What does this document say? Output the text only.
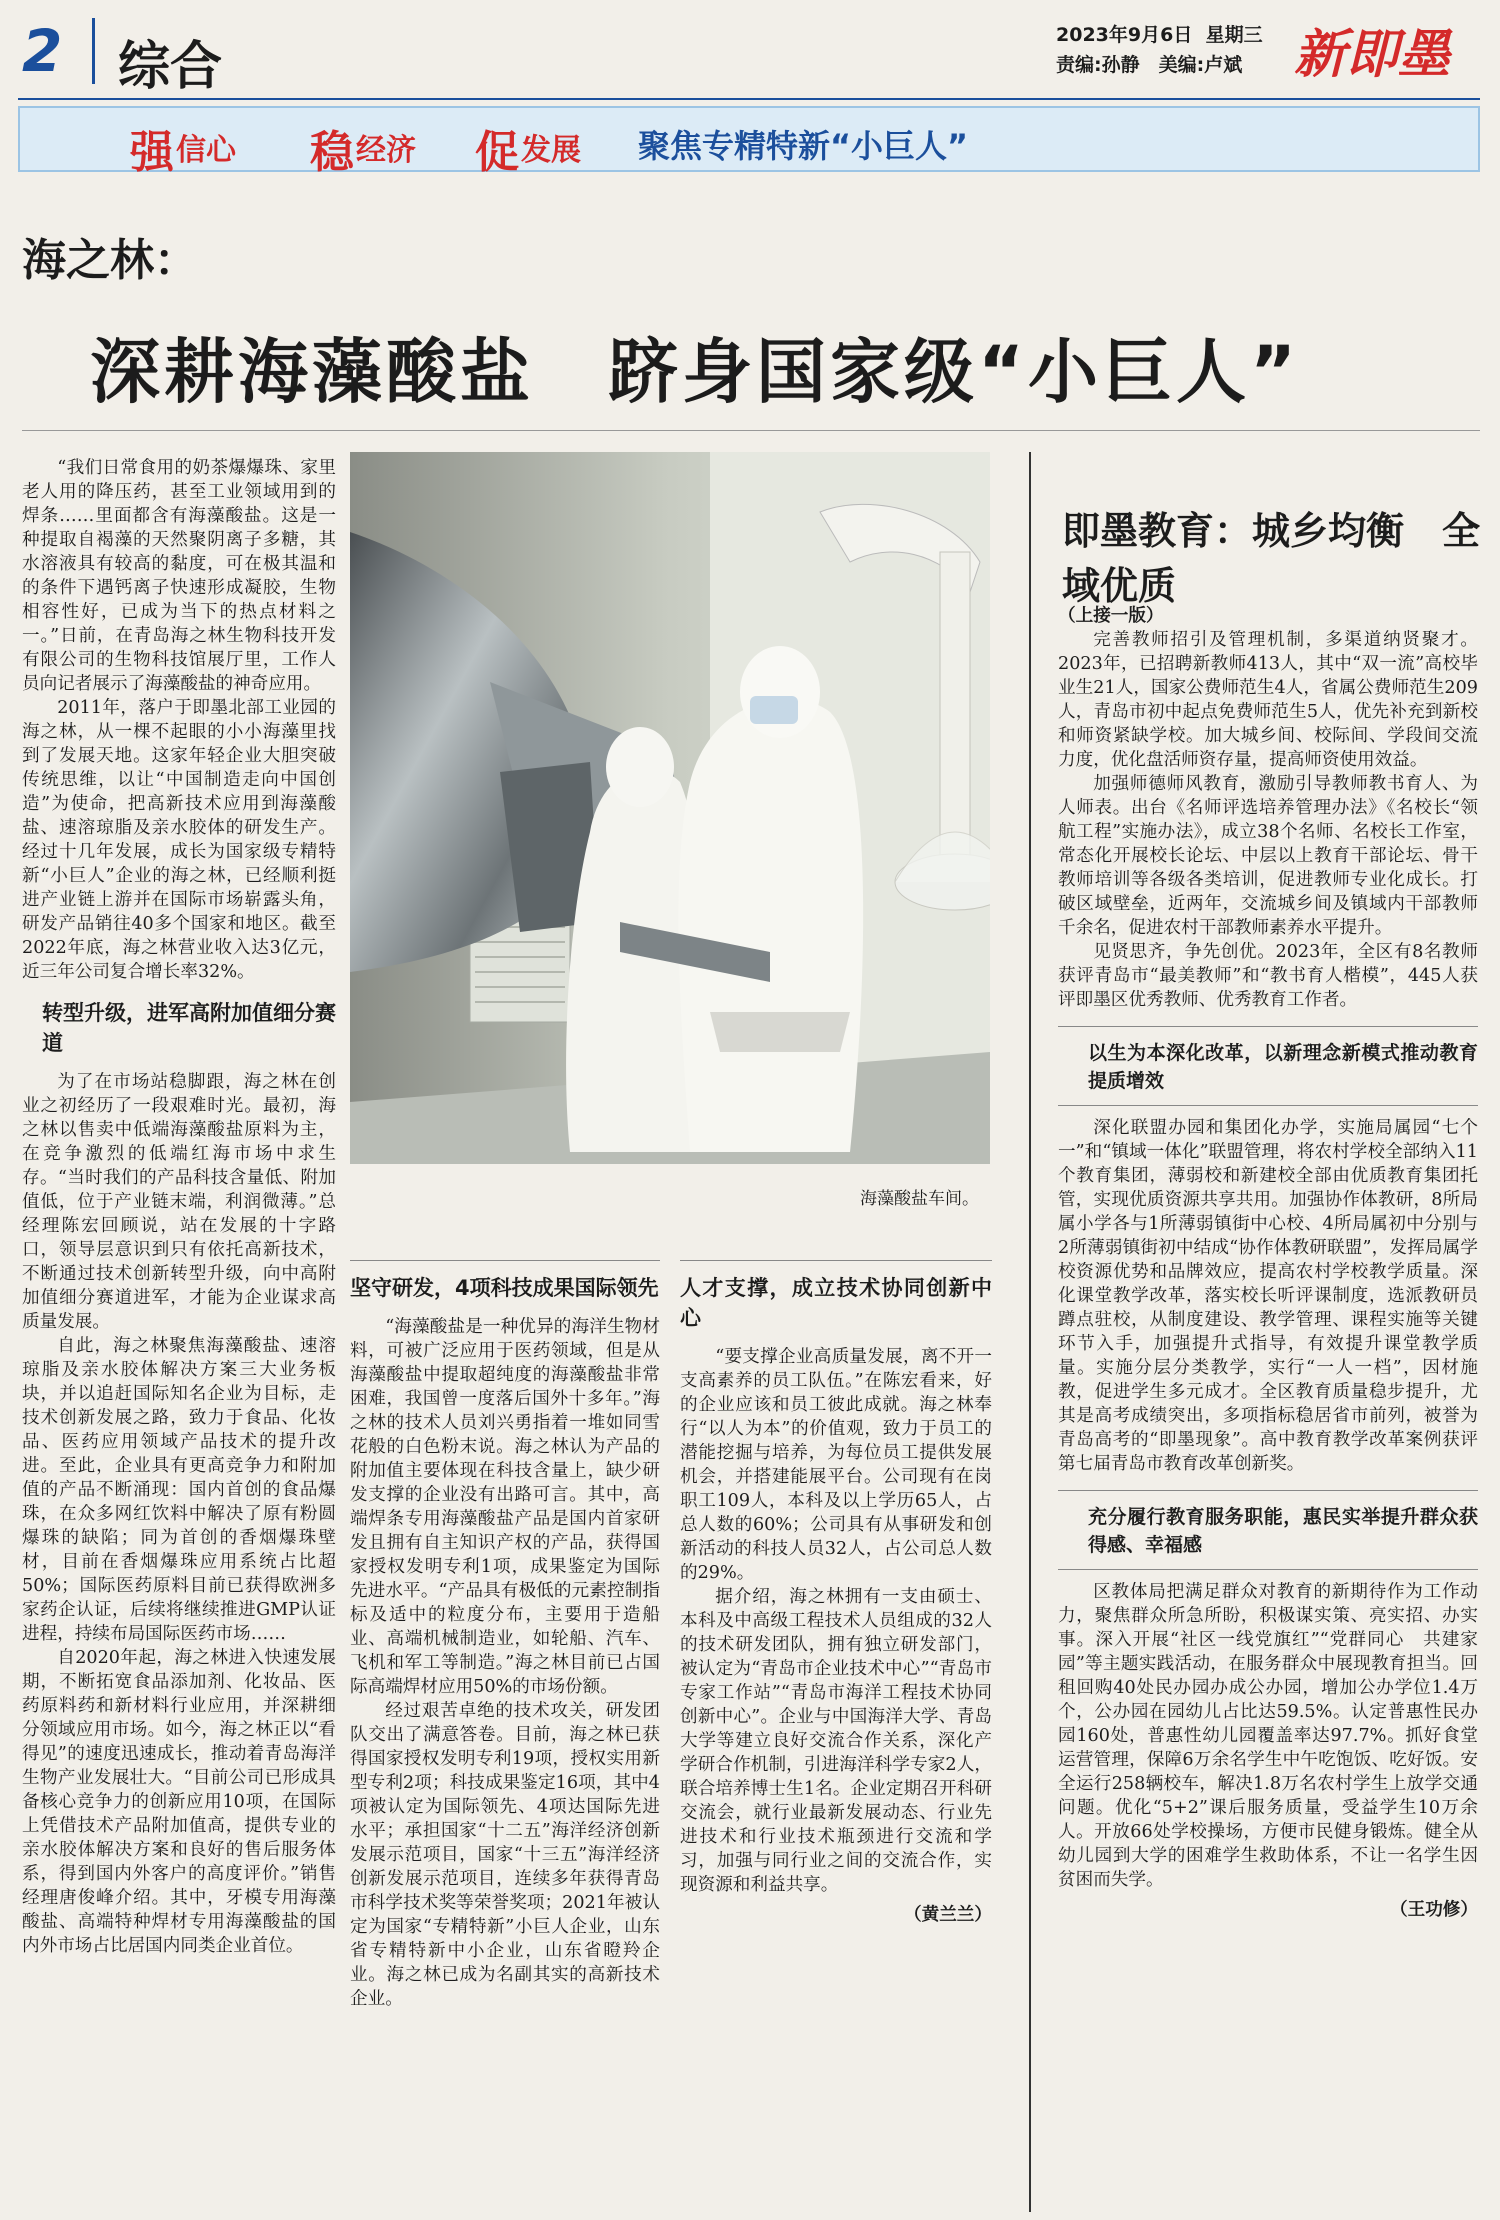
2	综合
2023年9月6日 星期三
责编:孙静　美编:卢斌 新即墨
强 信心 稳 经济 促 发展 聚焦专精特新“小巨人”
海之林：
深耕海藻酸盐　跻身国家级“小巨人”
海藻酸盐车间。

“我们日常食用的奶茶爆爆珠、家里老人用的降压药，甚至工业领域用到的焊条……里面都含有海藻酸盐。这是一种提取自褐藻的天然聚阴离子多糖，其水溶液具有较高的黏度，可在极其温和的条件下遇钙离子快速形成凝胶，生物相容性好，已成为当下的热点材料之一。”日前，在青岛海之林生物科技开发有限公司的生物科技馆展厅里，工作人员向记者展示了海藻酸盐的神奇应用。

2011年，落户于即墨北部工业园的海之林，从一棵不起眼的小小海藻里找到了发展天地。这家年轻企业大胆突破传统思维，以让“中国制造走向中国创造”为使命，把高新技术应用到海藻酸盐、速溶琼脂及亲水胶体的研发生产。经过十几年发展，成长为国家级专精特新“小巨人”企业的海之林，已经顺利挺进产业链上游并在国际市场崭露头角，研发产品销往40多个国家和地区。截至2022年底，海之林营业收入达3亿元，近三年公司复合增长率32%。

转型升级，进军高附加值细分赛道

为了在市场站稳脚跟，海之林在创业之初经历了一段艰难时光。最初，海之林以售卖中低端海藻酸盐原料为主，在竞争激烈的低端红海市场中求生存。“当时我们的产品科技含量低、附加值低，位于产业链末端，利润微薄。”总经理陈宏回顾说，站在发展的十字路口，领导层意识到只有依托高新技术，不断通过技术创新转型升级，向中高附加值细分赛道进军，才能为企业谋求高质量发展。

自此，海之林聚焦海藻酸盐、速溶琼脂及亲水胶体解决方案三大业务板块，并以追赶国际知名企业为目标，走技术创新发展之路，致力于食品、化妆品、医药应用领域产品技术的提升改进。至此，企业具有更高竞争力和附加值的产品不断涌现：国内首创的食品爆珠，在众多网红饮料中解决了原有粉圆爆珠的缺陷；同为首创的香烟爆珠壁材，目前在香烟爆珠应用系统占比超50%；国际医药原料目前已获得欧洲多家药企认证，后续将继续推进GMP认证进程，持续布局国际医药市场……

自2020年起，海之林进入快速发展期，不断拓宽食品添加剂、化妆品、医药原料药和新材料行业应用，并深耕细分领域应用市场。如今，海之林正以“看得见”的速度迅速成长，推动着青岛海洋生物产业发展壮大。“目前公司已形成具备核心竞争力的创新应用10项，在国际上凭借技术产品附加值高，提供专业的亲水胶体解决方案和良好的售后服务体系，得到国内外客户的高度评价。”销售经理唐俊峰介绍。其中，牙模专用海藻酸盐、高端特种焊材专用海藻酸盐的国内外市场占比居国内同类企业首位。

坚守研发，4项科技成果国际领先

“海藻酸盐是一种优异的海洋生物材料，可被广泛应用于医药领域，但是从海藻酸盐中提取超纯度的海藻酸盐非常困难，我国曾一度落后国外十多年。”海之林的技术人员刘兴勇指着一堆如同雪花般的白色粉末说。海之林认为产品的附加值主要体现在科技含量上，缺少研发支撑的企业没有出路可言。其中，高端焊条专用海藻酸盐产品是国内首家研发且拥有自主知识产权的产品，获得国家授权发明专利1项，成果鉴定为国际先进水平。“产品具有极低的元素控制指标及适中的粒度分布，主要用于造船业、高端机械制造业，如轮船、汽车、飞机和军工等制造。”海之林目前已占国际高端焊材应用50%的市场份额。

经过艰苦卓绝的技术攻关，研发团队交出了满意答卷。目前，海之林已获得国家授权发明专利19项，授权实用新型专利2项；科技成果鉴定16项，其中4项被认定为国际领先、4项达国际先进水平；承担国家“十二五”海洋经济创新发展示范项目，国家“十三五”海洋经济创新发展示范项目，连续多年获得青岛市科学技术奖等荣誉奖项；2021年被认定为国家“专精特新”小巨人企业，山东省专精特新中小企业，山东省瞪羚企业。海之林已成为名副其实的高新技术企业。

人才支撑，成立技术协同创新中心

“要支撑企业高质量发展，离不开一支高素养的员工队伍。”在陈宏看来，好的企业应该和员工彼此成就。海之林奉行“以人为本”的价值观，致力于员工的潜能挖掘与培养，为每位员工提供发展机会，并搭建能展平台。公司现有在岗职工109人，本科及以上学历65人，占总人数的60%；公司具有从事研发和创新活动的科技人员32人，占公司总人数的29%。

据介绍，海之林拥有一支由硕士、本科及中高级工程技术人员组成的32人的技术研发团队，拥有独立研发部门，被认定为“青岛市企业技术中心”“青岛市专家工作站”“青岛市海洋工程技术协同创新中心”。企业与中国海洋大学、青岛大学等建立良好交流合作关系，深化产学研合作机制，引进海洋科学专家2人，联合培养博士生1名。企业定期召开科研交流会，就行业最新发展动态、行业先进技术和行业技术瓶颈进行交流和学习，加强与同行业之间的交流合作，实现资源和利益共享。

（黄兰兰）
即墨教育：城乡均衡　全域优质
（上接一版）

完善教师招引及管理机制，多渠道纳贤聚才。2023年，已招聘新教师413人，其中“双一流”高校毕业生21人，国家公费师范生4人，省属公费师范生209人，青岛市初中起点免费师范生5人，优先补充到新校和师资紧缺学校。加大城乡间、校际间、学段间交流力度，优化盘活师资存量，提高师资使用效益。

加强师德师风教育，激励引导教师教书育人、为人师表。出台《名师评选培养管理办法》《名校长“领航工程”实施办法》，成立38个名师、名校长工作室，常态化开展校长论坛、中层以上教育干部论坛、骨干教师培训等各级各类培训，促进教师专业化成长。打破区域壁垒，近两年，交流城乡间及镇域内干部教师千余名，促进农村干部教师素养水平提升。

见贤思齐，争先创优。2023年，全区有8名教师获评青岛市“最美教师”和“教书育人楷模”，445人获评即墨区优秀教师、优秀教育工作者。

以生为本深化改革，以新理念新模式推动教育提质增效

深化联盟办园和集团化办学，实施局属园“七个一”和“镇域一体化”联盟管理，将农村学校全部纳入11个教育集团，薄弱校和新建校全部由优质教育集团托管，实现优质资源共享共用。加强协作体教研，8所局属小学各与1所薄弱镇街中心校、4所局属初中分别与2所薄弱镇街初中结成“协作体教研联盟”，发挥局属学校资源优势和品牌效应，提高农村学校教学质量。深化课堂教学改革，落实校长听评课制度，选派教研员蹲点驻校，从制度建设、教学管理、课程实施等关键环节入手，加强提升式指导，有效提升课堂教学质量。实施分层分类教学，实行“一人一档”，因材施教，促进学生多元成才。全区教育质量稳步提升，尤其是高考成绩突出，多项指标稳居省市前列，被誉为青岛高考的“即墨现象”。高中教育教学改革案例获评第七届青岛市教育改革创新奖。

充分履行教育服务职能，惠民实举提升群众获得感、幸福感

区教体局把满足群众对教育的新期待作为工作动力，聚焦群众所急所盼，积极谋实策、亮实招、办实事。深入开展“社区一线党旗红”“党群同心　共建家园”等主题实践活动，在服务群众中展现教育担当。回租回购40处民办园办成公办园，增加公办学位1.4万个，公办园在园幼儿占比达59.5%。认定普惠性民办园160处，普惠性幼儿园覆盖率达97.7%。抓好食堂运营管理，保障6万余名学生中午吃饱饭、吃好饭。安全运行258辆校车，解决1.8万名农村学生上放学交通问题。优化“5+2”课后服务质量，受益学生10万余人。开放66处学校操场，方便市民健身锻炼。健全从幼儿园到大学的困难学生救助体系，不让一名学生因贫困而失学。

（王功修）
